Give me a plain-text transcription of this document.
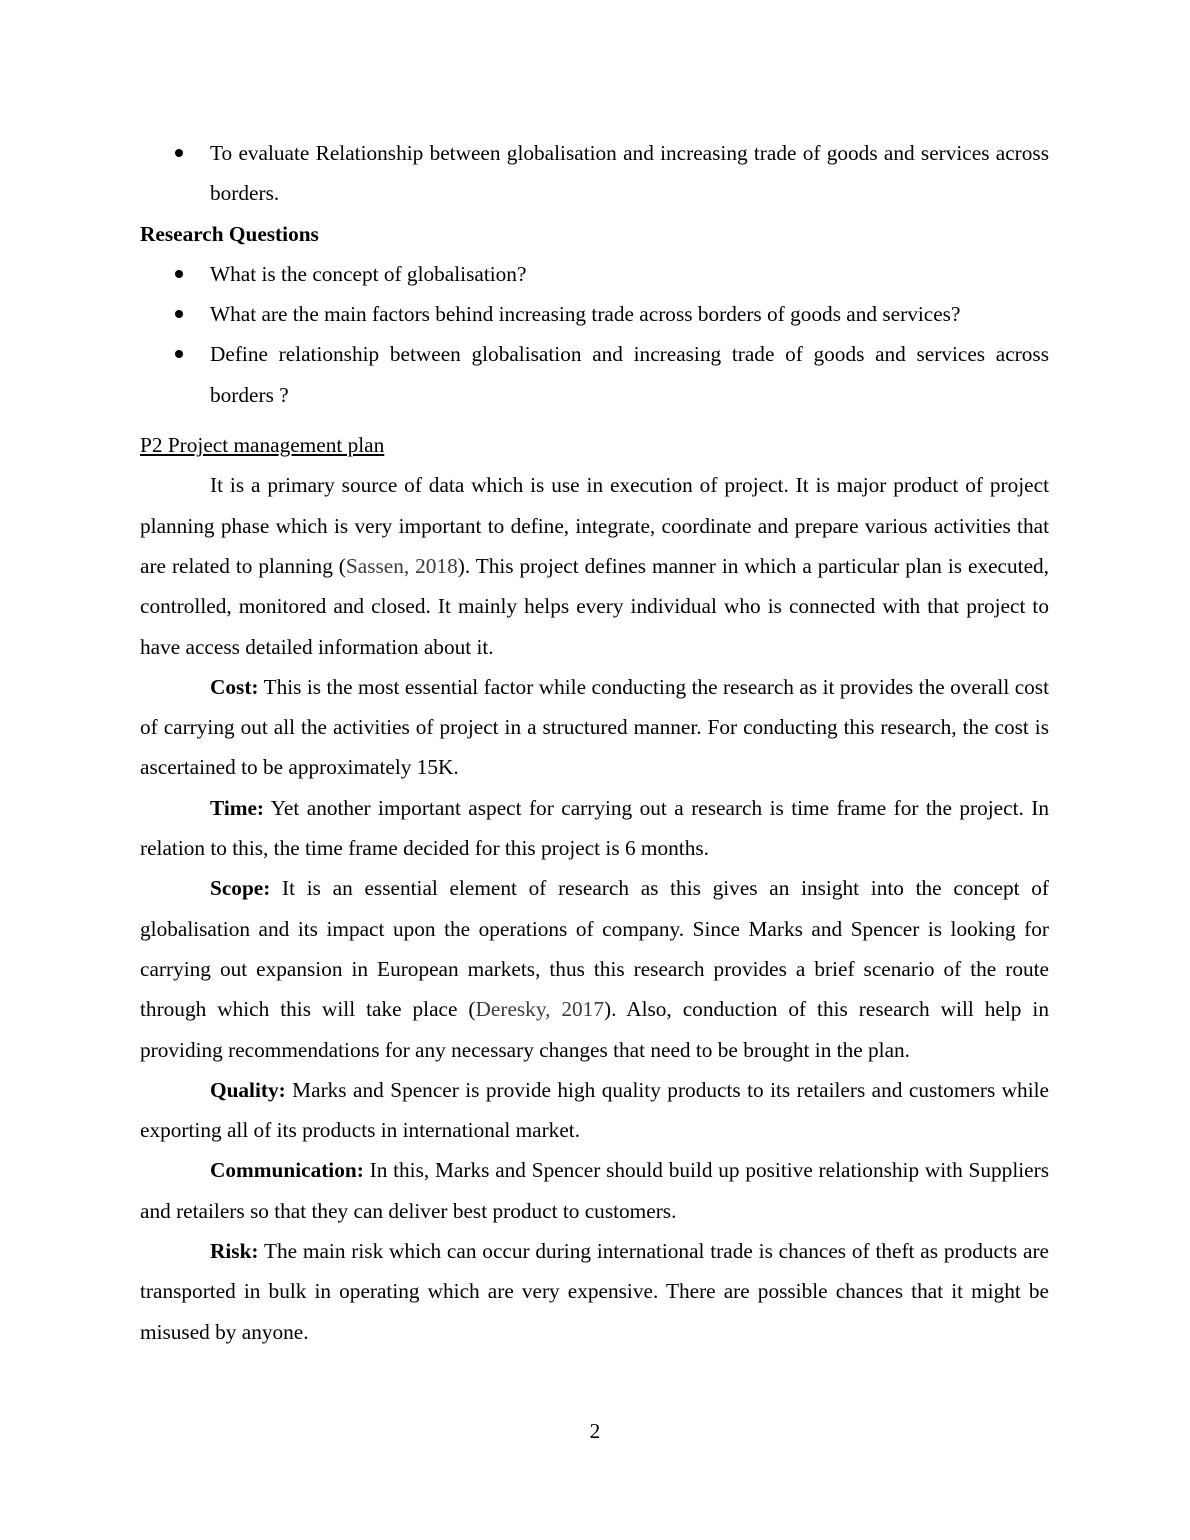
To evaluate Relationship between globalisation and increasing trade of goods and services across borders.

Research Questions

What is the concept of globalisation?
What are the main factors behind increasing trade across borders of goods and services?
Define relationship between globalisation and increasing trade of goods and services across borders ?

P2 Project management plan

It is a primary source of data which is use in execution of project. It is major product of project planning phase which is very important to define, integrate, coordinate and prepare various activities that are related to planning (Sassen, 2018). This project defines manner in which a particular plan is executed, controlled, monitored and closed. It mainly helps every individual who is connected with that project to have access detailed information about it.

Cost: This is the most essential factor while conducting the research as it provides the overall cost of carrying out all the activities of project in a structured manner. For conducting this research, the cost is ascertained to be approximately 15K.

Time: Yet another important aspect for carrying out a research is time frame for the project. In relation to this, the time frame decided for this project is 6 months.

Scope: It is an essential element of research as this gives an insight into the concept of globalisation and its impact upon the operations of company. Since Marks and Spencer is looking for carrying out expansion in European markets, thus this research provides a brief scenario of the route through which this will take place (Deresky, 2017). Also, conduction of this research will help in providing recommendations for any necessary changes that need to be brought in the plan.

Quality: Marks and Spencer is provide high quality products to its retailers and customers while exporting all of its products in international market.

Communication: In this, Marks and Spencer should build up positive relationship with Suppliers and retailers so that they can deliver best product to customers.

Risk: The main risk which can occur during international trade is chances of theft as products are transported in bulk in operating which are very expensive. There are possible chances that it might be misused by anyone.

2
